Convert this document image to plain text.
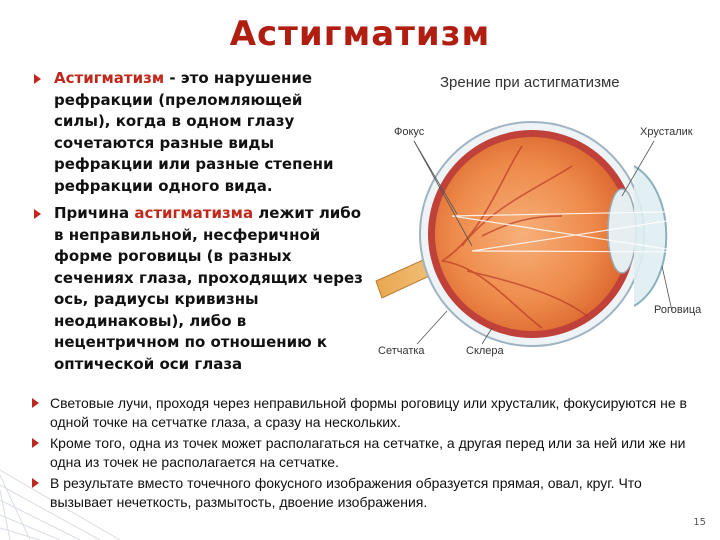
Астигматизм
Астигматизм - это нарушение рефракции (преломляющей силы), когда в одном глазу сочетаются разные виды рефракции или разные степени рефракции одного вида.
Причина астигматизма лежит либо в неправильной, несферичной форме роговицы (в разных сечениях глаза, проходящих через ось, радиусы кривизны неодинаковы), либо в нецентричном по отношению к оптической оси глаза
Зрение при астигматизме
Фокус	Хрусталик
Роговица
Сетчатка	Склера
Световые лучи, проходя через неправильной формы роговицу или хрусталик, фокусируются не в одной точке на сетчатке глаза, а сразу на нескольких.
Кроме того, одна из точек может располагаться на сетчатке, а другая перед или за ней или же ни одна из точек не располагается на сетчатке.
В результате вместо точечного фокусного изображения образуется прямая, овал, круг. Что вызывает нечеткость, размытость, двоение изображения.
15
